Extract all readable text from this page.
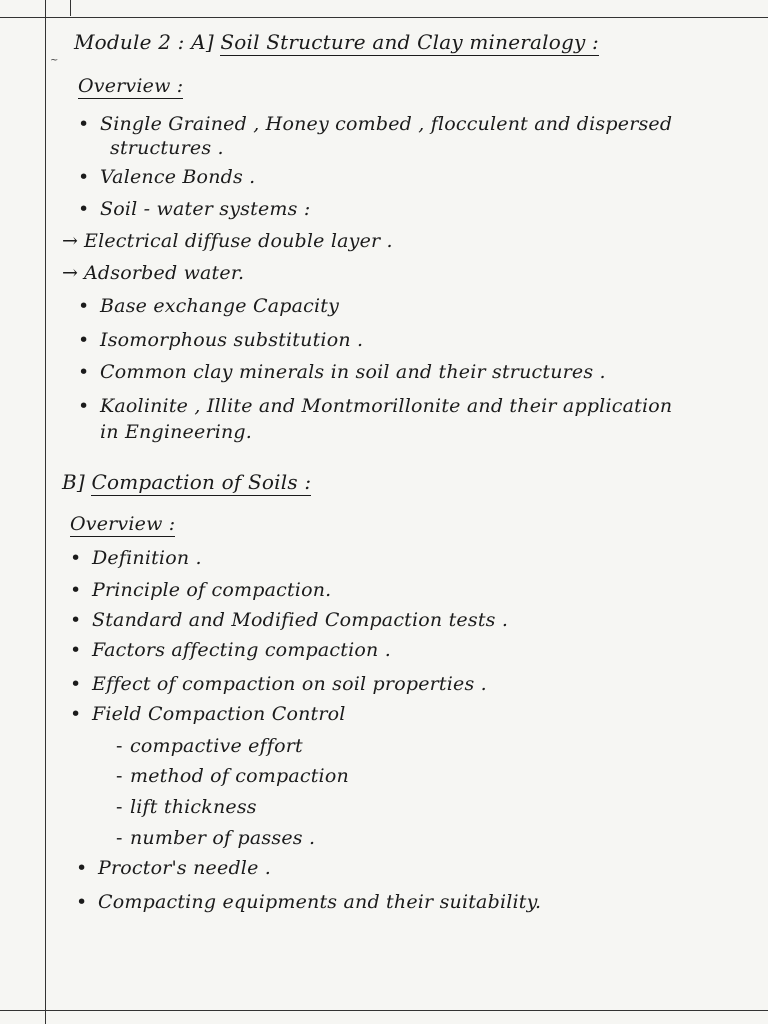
~
Module 2 : A] Soil Structure and Clay mineralogy :
Overview :
• Single Grained , Honey combed , flocculent and dispersed
structures .
• Valence Bonds .
• Soil - water systems :
→ Electrical diffuse double layer .
→ Adsorbed water.
• Base exchange Capacity
• Isomorphous substitution .
• Common clay minerals in soil and their structures .
• Kaolinite , Illite and Montmorillonite and their application
in Engineering.
B] Compaction of Soils :
Overview :
• Definition .
• Principle of compaction.
• Standard and Modified Compaction tests .
• Factors affecting compaction .
• Effect of compaction on soil properties .
• Field Compaction Control
- compactive effort
- method of compaction
- lift thickness
- number of passes .
• Proctor's needle .
• Compacting equipments and their suitability.
